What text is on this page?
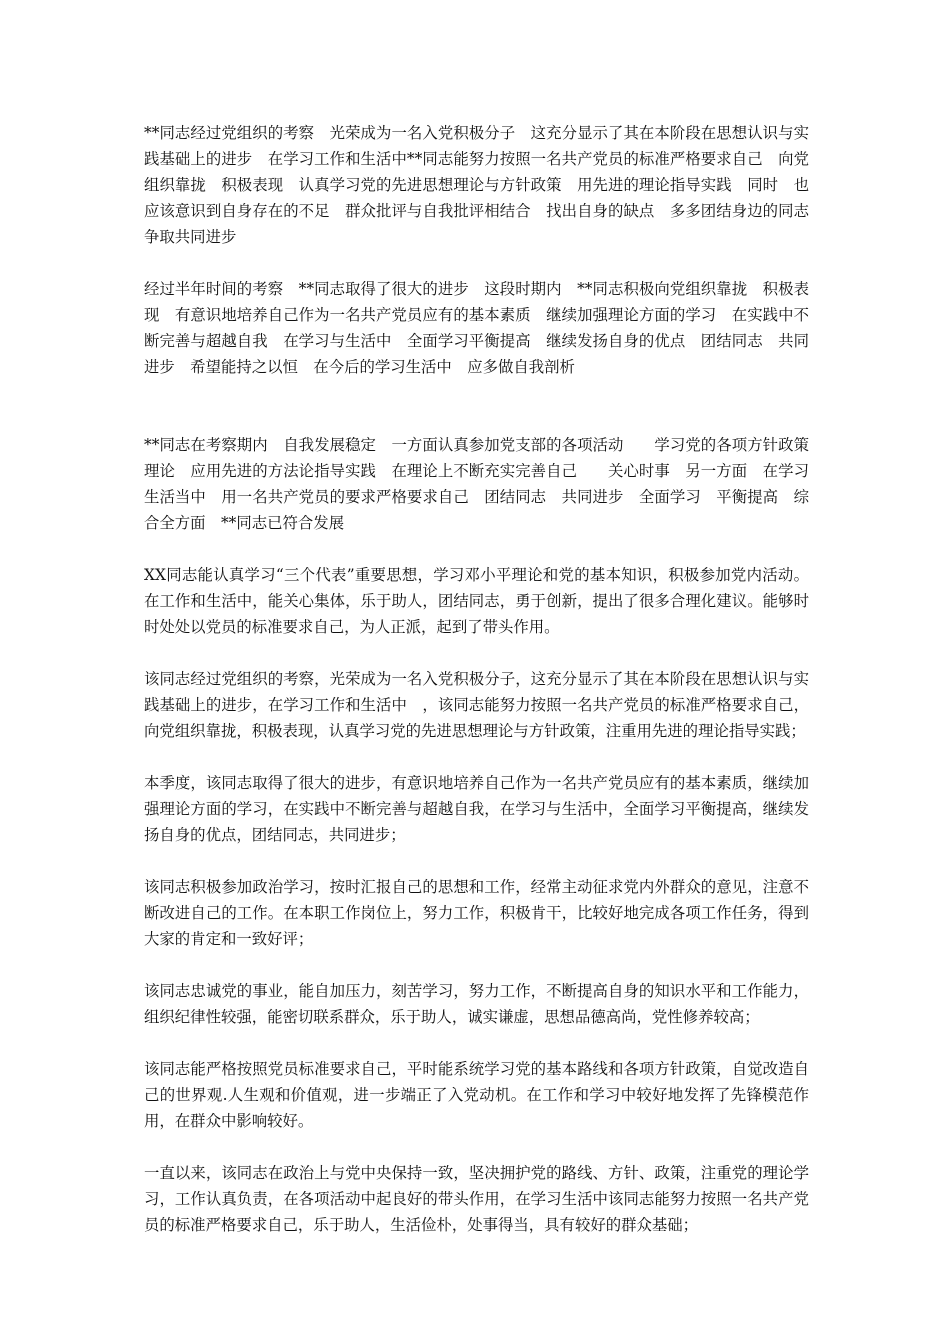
**同志经过党组织的考察　光荣成为一名入党积极分子　这充分显示了其在本阶段在思想认识与实践基础上的进步　在学习工作和生活中**同志能努力按照一名共产党员的标准严格要求自己　向党组织靠拢　积极表现　认真学习党的先进思想理论与方针政策　用先进的理论指导实践　同时　也应该意识到自身存在的不足　群众批评与自我批评相结合　找出自身的缺点　多多团结身边的同志　争取共同进步

经过半年时间的考察　**同志取得了很大的进步　这段时期内　**同志积极向党组织靠拢　积极表现　有意识地培养自己作为一名共产党员应有的基本素质　继续加强理论方面的学习　在实践中不断完善与超越自我　在学习与生活中　全面学习平衡提高　继续发扬自身的优点　团结同志　共同进步　希望能持之以恒　在今后的学习生活中　应多做自我剖析

**同志在考察期内　自我发展稳定　一方面认真参加党支部的各项活动　　学习党的各项方针政策理论　应用先进的方法论指导实践　在理论上不断充实完善自己　　关心时事　另一方面　在学习生活当中　用一名共产党员的要求严格要求自己　团结同志　共同进步　全面学习　平衡提高　综合全方面　**同志已符合发展

XX同志能认真学习“三个代表”重要思想，学习邓小平理论和党的基本知识，积极参加党内活动。在工作和生活中，能关心集体，乐于助人，团结同志，勇于创新，提出了很多合理化建议。能够时时处处以党员的标准要求自己，为人正派，起到了带头作用。

该同志经过党组织的考察，光荣成为一名入党积极分子，这充分显示了其在本阶段在思想认识与实践基础上的进步，在学习工作和生活中　，该同志能努力按照一名共产党员的标准严格要求自己，向党组织靠拢，积极表现，认真学习党的先进思想理论与方针政策，注重用先进的理论指导实践；

本季度，该同志取得了很大的进步，有意识地培养自己作为一名共产党员应有的基本素质，继续加强理论方面的学习，在实践中不断完善与超越自我，在学习与生活中，全面学习平衡提高，继续发扬自身的优点，团结同志，共同进步；

该同志积极参加政治学习，按时汇报自己的思想和工作，经常主动征求党内外群众的意见，注意不断改进自己的工作。在本职工作岗位上，努力工作，积极肯干，比较好地完成各项工作任务，得到大家的肯定和一致好评；

该同志忠诚党的事业，能自加压力，刻苦学习，努力工作，不断提高自身的知识水平和工作能力，组织纪律性较强，能密切联系群众，乐于助人，诚实谦虚，思想品德高尚，党性修养较高；

该同志能严格按照党员标准要求自己，平时能系统学习党的基本路线和各项方针政策，自觉改造自己的世界观.人生观和价值观，进一步端正了入党动机。在工作和学习中较好地发挥了先锋模范作用，在群众中影响较好。

一直以来，该同志在政治上与党中央保持一致，坚决拥护党的路线、方针、政策，注重党的理论学习，工作认真负责，在各项活动中起良好的带头作用，在学习生活中该同志能努力按照一名共产党员的标准严格要求自己，乐于助人，生活俭朴，处事得当，具有较好的群众基础；
